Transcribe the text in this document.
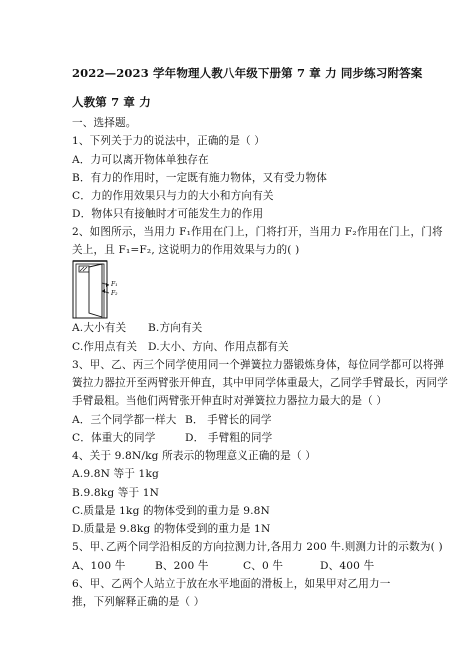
2022—2023 学年物理人教八年级下册第 7 章 力 同步练习附答案
人教第 7 章 力
一、选择题。
1、下列关于力的说法中，正确的是（ ）
A．力可以离开物体单独存在
B．有力的作用时，一定既有施力物体，又有受力物体
C．力的作用效果只与力的大小和方向有关
D．物体只有接触时才可能发生力的作用
2、如图所示，当用力 F₁作用在门上，门将打开，当用力 F₂作用在门上，门将
关上，且 F₁=F₂, 这说明力的作用效果与力的( )
F₁
F₂
A.大小有关 B.方向有关
C.作用点有关 D.大小、方向、作用点都有关
3、甲、乙、丙三个同学使用同一个弹簧拉力器锻炼身体，每位同学都可以将弹
簧拉力器拉开至两臂张开伸直，其中甲同学体重最大，乙同学手臂最长，丙同学
手臂最粗。当他们两臂张开伸直时对弹簧拉力器拉力最大的是（ ）
A．三个同学都一样大 B． 手臂长的同学
C．体重大的同学	D． 手臂粗的同学
4、关于 9.8N/kg 所表示的物理意义正确的是（ ）
A.9.8N 等于 1kg
B.9.8kg 等于 1N
C.质量是 1kg 的物体受到的重力是 9.8N
D.质量是 9.8kg 的物体受到的重力是 1N
5、甲､乙两个同学沿相反的方向拉测力计,各用力 200 牛.则测力计的示数为( )
A、100 牛	B、200 牛	C、0 牛	D、400 牛
6、甲、乙两个人站立于放在水平地面的滑板上，如果甲对乙用力一
推，下列解释正确的是（ ）
